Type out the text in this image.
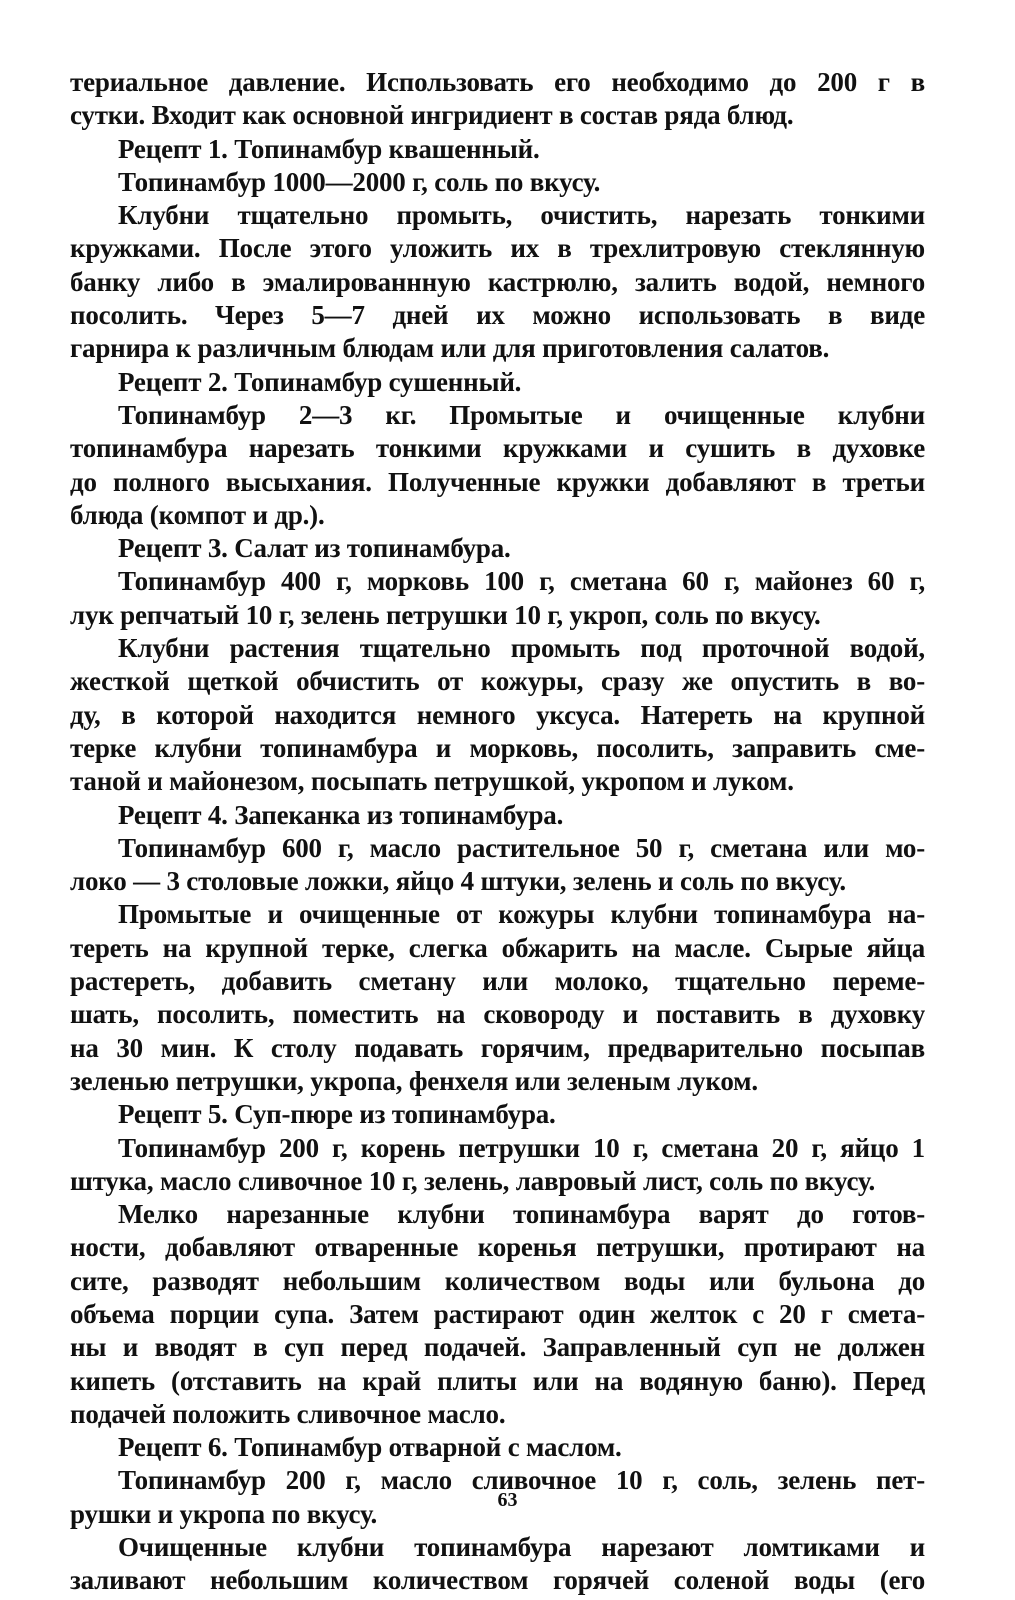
териальное давление. Использовать его необходимо до 200 г в
сутки. Входит как основной ингридиент в состав ряда блюд.
Рецепт 1. Топинамбур квашенный.
Топинамбур 1000—2000 г, соль по вкусу.
Клубни тщательно промыть, очистить, нарезать тонкими
кружками. После этого уложить их в трехлитровую стеклянную
банку либо в эмалированнную кастрюлю, залить водой, немного
посолить. Через 5—7 дней их можно использовать в виде
гарнира к различным блюдам или для приготовления салатов.
Рецепт 2. Топинамбур сушенный.
Топинамбур 2—3 кг. Промытые и очищенные клубни
топинамбура нарезать тонкими кружками и сушить в духовке
до полного высыхания. Полученные кружки добавляют в третьи
блюда (компот и др.).
Рецепт 3. Салат из топинамбура.
Топинамбур 400 г, морковь 100 г, сметана 60 г, майонез 60 г,
лук репчатый 10 г, зелень петрушки 10 г, укроп, соль по вкусу.
Клубни растения тщательно промыть под проточной водой,
жесткой щеткой обчистить от кожуры, сразу же опустить в во-
ду, в которой находится немного уксуса. Натереть на крупной
терке клубни топинамбура и морковь, посолить, заправить сме-
таной и майонезом, посыпать петрушкой, укропом и луком.
Рецепт 4. Запеканка из топинамбура.
Топинамбур 600 г, масло растительное 50 г, сметана или мо-
локо — 3 столовые ложки, яйцо 4 штуки, зелень и соль по вкусу.
Промытые и очищенные от кожуры клубни топинамбура на-
тереть на крупной терке, слегка обжарить на масле. Сырые яйца
растереть, добавить сметану или молоко, тщательно переме-
шать, посолить, поместить на сковороду и поставить в духовку
на 30 мин. К столу подавать горячим, предварительно посыпав
зеленью петрушки, укропа, фенхеля или зеленым луком.
Рецепт 5. Суп-пюре из топинамбура.
Топинамбур 200 г, корень петрушки 10 г, сметана 20 г, яйцо 1
штука, масло сливочное 10 г, зелень, лавровый лист, соль по вкусу.
Мелко нарезанные клубни топинамбура варят до готов-
ности, добавляют отваренные коренья петрушки, протирают на
сите, разводят небольшим количеством воды или бульона до
объема порции супа. Затем растирают один желток с 20 г смета-
ны и вводят в суп перед подачей. Заправленный суп не должен
кипеть (отставить на край плиты или на водяную баню). Перед
подачей положить сливочное масло.
Рецепт 6. Топинамбур отварной с маслом.
Топинамбур 200 г, масло сливочное 10 г, соль, зелень пет-
рушки и укропа по вкусу.
Очищенные клубни топинамбура нарезают ломтиками и
заливают небольшим количеством горячей соленой воды (его
63
